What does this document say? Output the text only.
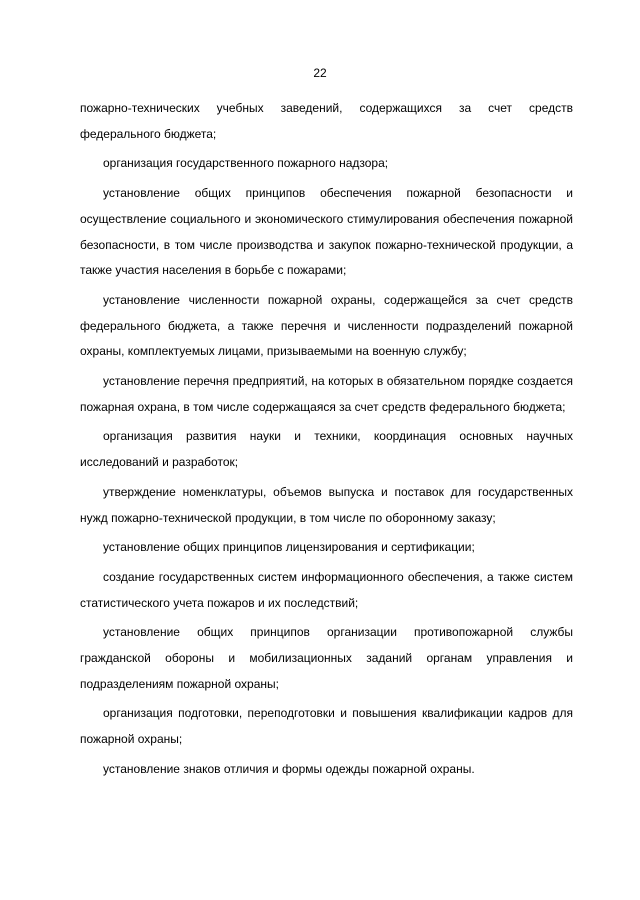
22

пожарно-технических учебных заведений, содержащихся за счет средств федерального бюджета;

организация государственного пожарного надзора;

установление общих принципов обеспечения пожарной безопасности и осуществление социального и экономического стимулирования обеспечения пожарной безопасности, в том числе производства и закупок пожарно-технической продукции, а также участия населения в борьбе с пожарами;

установление численности пожарной охраны, содержащейся за счет средств федерального бюджета, а также перечня и численности подразделений пожарной охраны, комплектуемых лицами, призываемыми на военную службу;

установление перечня предприятий, на которых в обязательном порядке создается пожарная охрана, в том числе содержащаяся за счет средств федерального бюджета;

организация развития науки и техники, координация основных научных исследований и разработок;

утверждение номенклатуры, объемов выпуска и поставок для государственных нужд пожарно-технической продукции, в том числе по оборонному заказу;

установление общих принципов лицензирования и сертификации;

создание государственных систем информационного обеспечения, а также систем статистического учета пожаров и их последствий;

установление общих принципов организации противопожарной службы гражданской обороны и мобилизационных заданий органам управления и подразделениям пожарной охраны;

организация подготовки, переподготовки и повышения квалификации кадров для пожарной охраны;

установление знаков отличия и формы одежды пожарной охраны.
